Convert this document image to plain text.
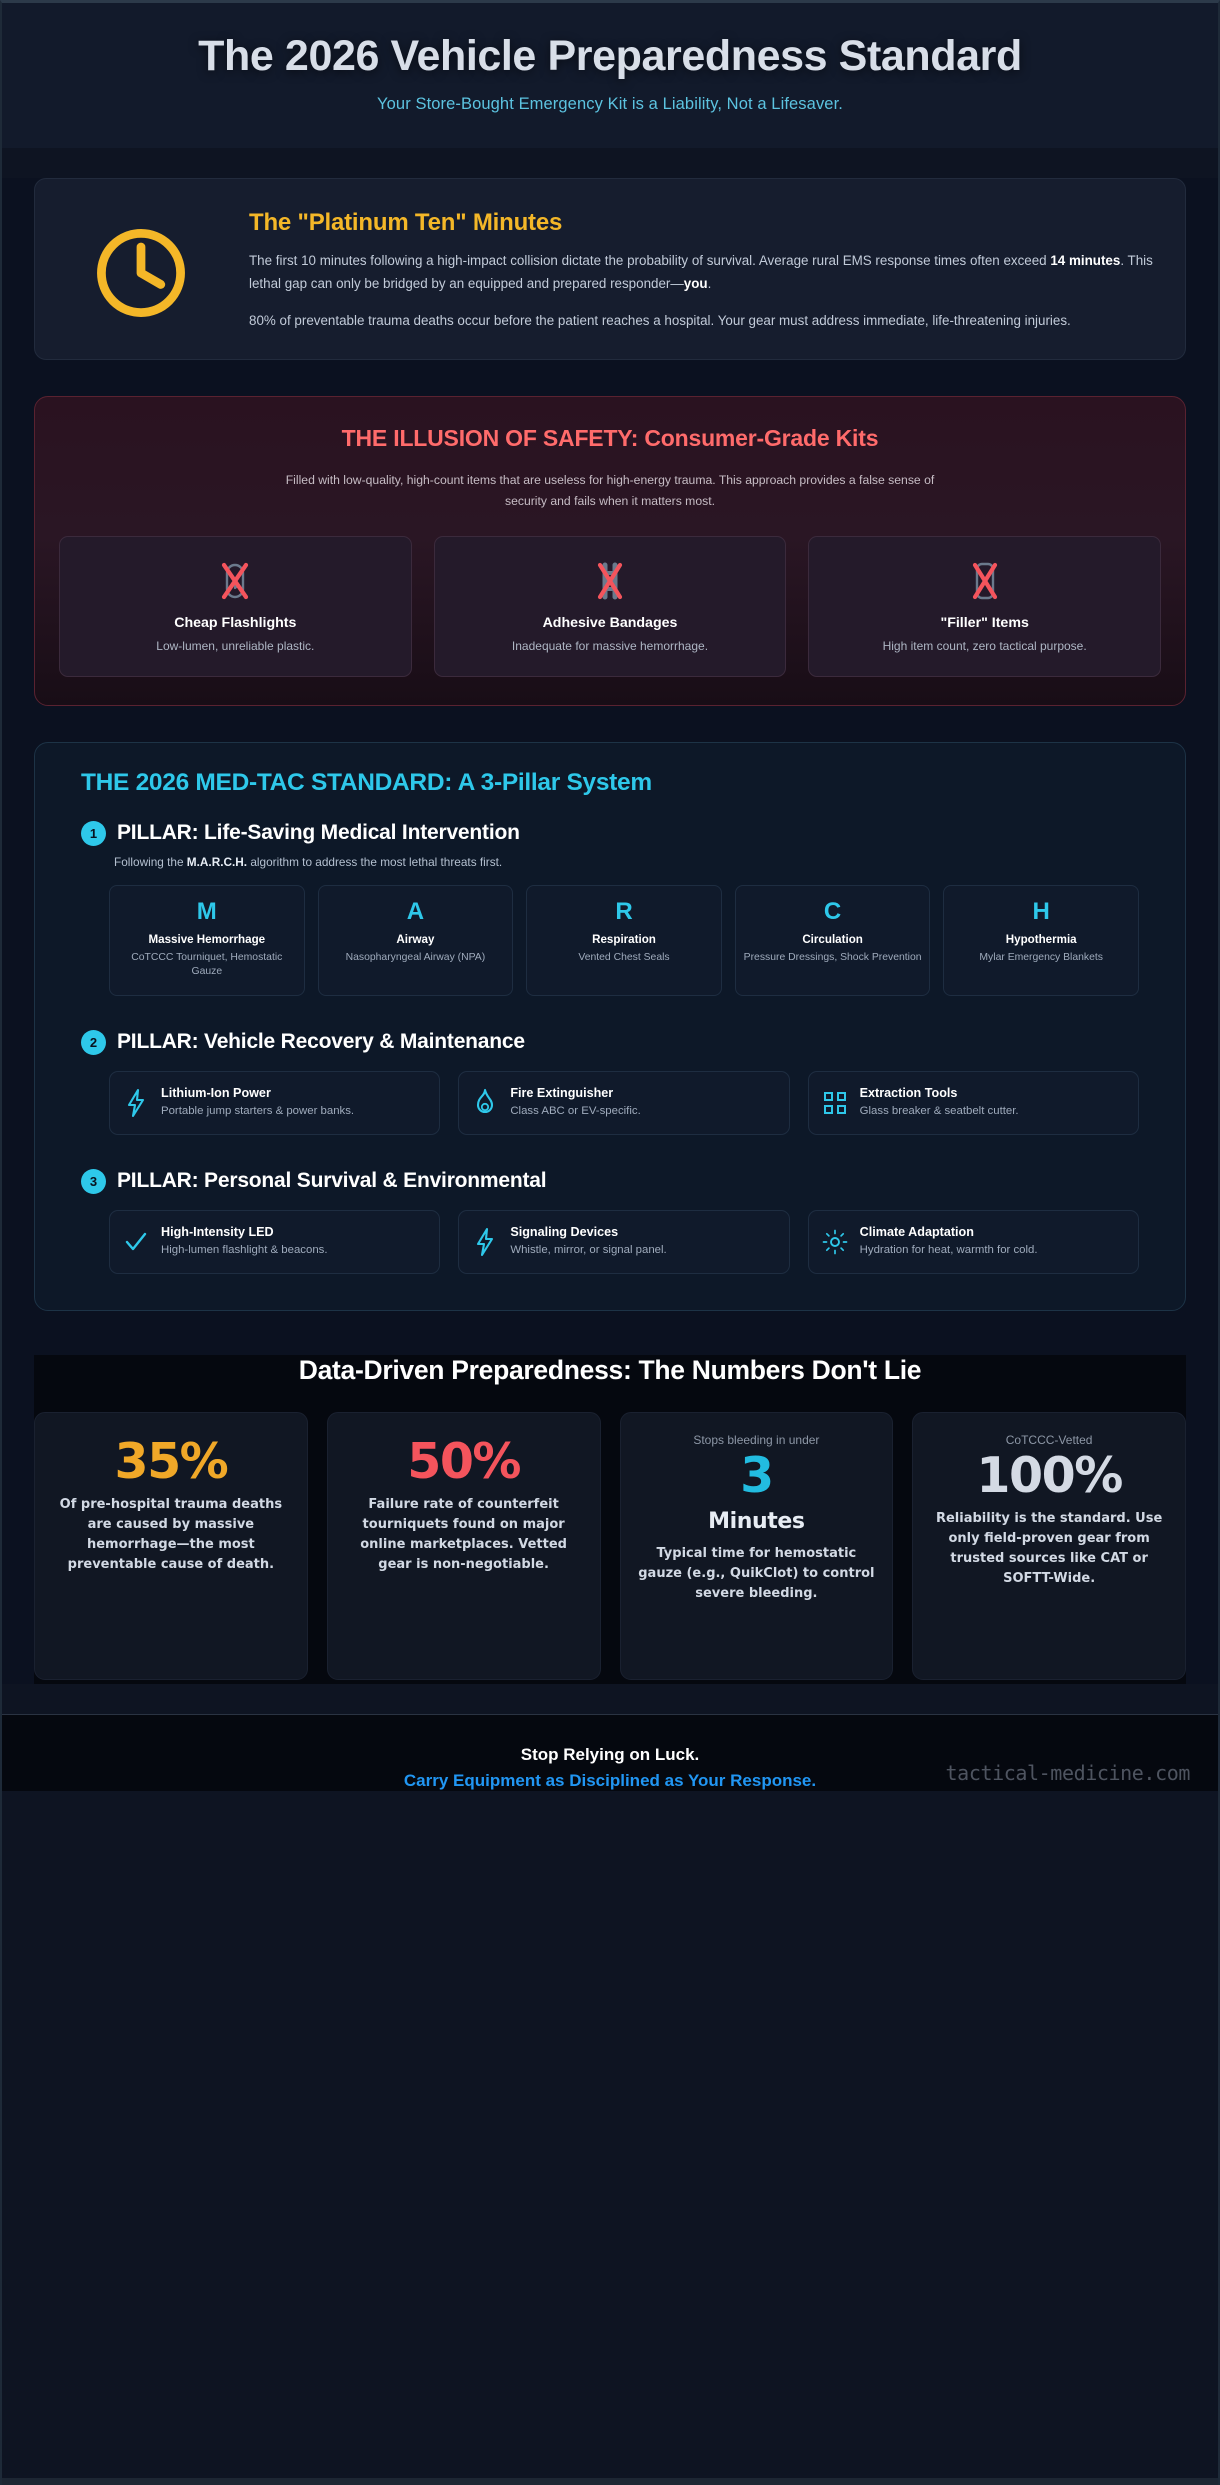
The 2026 Vehicle Preparedness Standard
Your Store-Bought Emergency Kit is a Liability, Not a Lifesaver.
The "Platinum Ten" Minutes

The first 10 minutes following a high-impact collision dictate the probability of survival. Average rural EMS response times often exceed 14 minutes. This lethal gap can only be bridged by an equipped and prepared responder—you.

80% of preventable trauma deaths occur before the patient reaches a hospital. Your gear must address immediate, life-threatening injuries.

THE ILLUSION OF SAFETY: Consumer-Grade Kits

Filled with low-quality, high-count items that are useless for high-energy trauma. This approach provides a false sense of security and fails when it matters most.

Cheap Flashlights

Low-lumen, unreliable plastic.

Adhesive Bandages

Inadequate for massive hemorrhage.

"Filler" Items

High item count, zero tactical purpose.

THE 2026 MED-TAC STANDARD: A 3-Pillar System
1 PILLAR: Life-Saving Medical Intervention
Following the M.A.R.C.H. algorithm to address the most lethal threats first.
M
Massive Hemorrhage
CoTCCC Tourniquet, Hemostatic Gauze
A
Airway
Nasopharyngeal Airway (NPA)
R
Respiration
Vented Chest Seals
C
Circulation
Pressure Dressings, Shock Prevention
H
Hypothermia
Mylar Emergency Blankets
2 PILLAR: Vehicle Recovery & Maintenance
Lithium-Ion Power

Portable jump starters & power banks.

Fire Extinguisher

Class ABC or EV-specific.

Extraction Tools

Glass breaker & seatbelt cutter.

3 PILLAR: Personal Survival & Environmental
High-Intensity LED

High-lumen flashlight & beacons.

Signaling Devices

Whistle, mirror, or signal panel.

Climate Adaptation

Hydration for heat, warmth for cold.

Data-Driven Preparedness: The Numbers Don't Lie
35%
Of pre-hospital trauma deaths are caused by massive hemorrhage—the most preventable cause of death.
50%
Failure rate of counterfeit tourniquets found on major online marketplaces. Vetted gear is non-negotiable.
Stops bleeding in under
3
Minutes
Typical time for hemostatic gauze (e.g., QuikClot) to control severe bleeding.
CoTCCC-Vetted
100%
Reliability is the standard. Use only field-proven gear from trusted sources like CAT or SOFTT-Wide.
Stop Relying on Luck.
Carry Equipment as Disciplined as Your Response.	tactical-medicine.com
